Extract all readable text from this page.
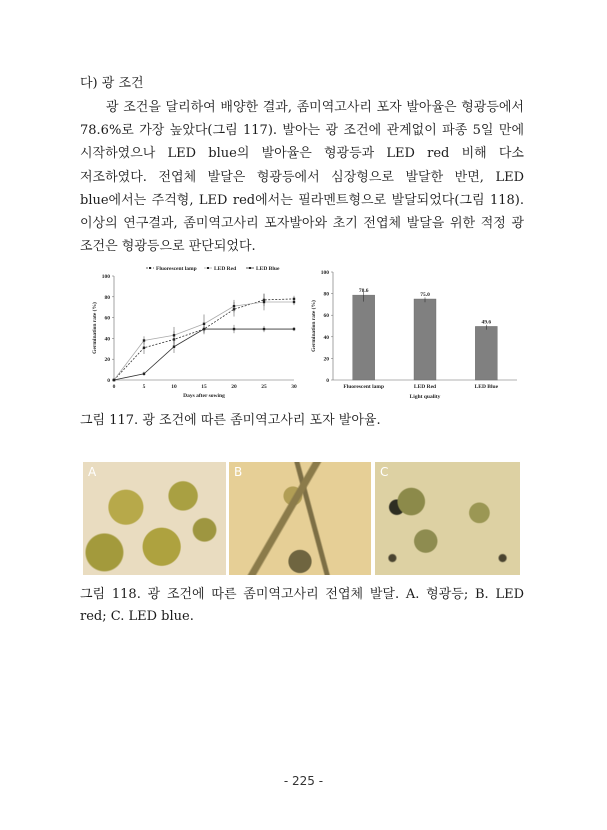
다) 광 조건
광 조건을 달리하여 배양한 결과, 좀미역고사리 포자 발아율은 형광등에서 78.6%로 가장 높았다(그림 117). 발아는 광 조건에 관계없이 파종 5일 만에 시작하였으나 LED blue의 발아율은 형광등과 LED red 비해 다소 저조하였다. 전엽체 발달은 형광등에서 심장형으로 발달한 반면, LED blue에서는 주걱형, LED red에서는 필라멘트형으로 발달되었다(그림 118). 이상의 연구결과, 좀미역고사리 포자발아와 초기 전엽체 발달을 위한 적정 광 조건은 형광등으로 판단되었다.
0
20
40
60
80
100
0	5	10	15	20	25	30
Days after sowing
Germination rate (%)
Fluorescent lamp	LED Red	LED Blue
0
20
40
60
80
100
78.6
Fluorescent lamp
75.0
LED Red
49.6
LED Blue
Light quality
Germination rate (%)
그림 117. 광 조건에 따른 좀미역고사리 포자 발아율.
A	B	C
그림 118. 광 조건에 따른 좀미역고사리 전엽체 발달. A. 형광등; B. LED red; C. LED blue.
- 225 -
